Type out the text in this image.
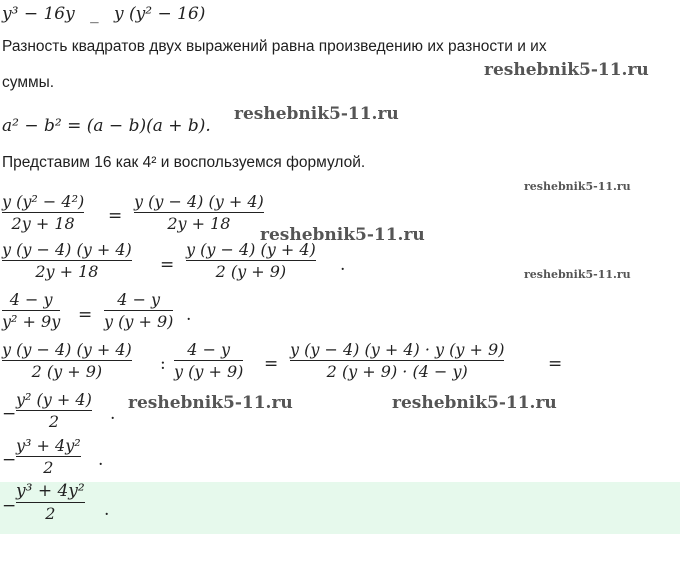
y³ − 16y _ y (y² − 16)
Разность квадратов двух выражений равна произведению их разности и их
суммы.
a² − b² = (a − b)(a + b).
Представим 16 как 4² и воспользуемся формулой.
y (y² − 4²)
2y + 18 =
y (y − 4) (y + 4)
2y + 18
y (y − 4) (y + 4)
2y + 18	=
y (y − 4) (y + 4)
2 (y + 9)	.
4 − y
y² + 9y =
4 − y
y (y + 9) .
y (y − 4) (y + 4)
2 (y + 9)	:
4 − y
y (y + 9) =
y (y − 4) (y + 4) · y (y + 9)
2 (y + 9) · (4 − y)	=
−
y² (y + 4)
2	.
−
y³ + 4y²
2	.
−
y³ + 4y²
2	.
reshebnik5-11.ru
reshebnik5-11.ru
reshebnik5-11.ru
reshebnik5-11.ru
reshebnik5-11.ru
reshebnik5-11.ru	reshebnik5-11.ru
